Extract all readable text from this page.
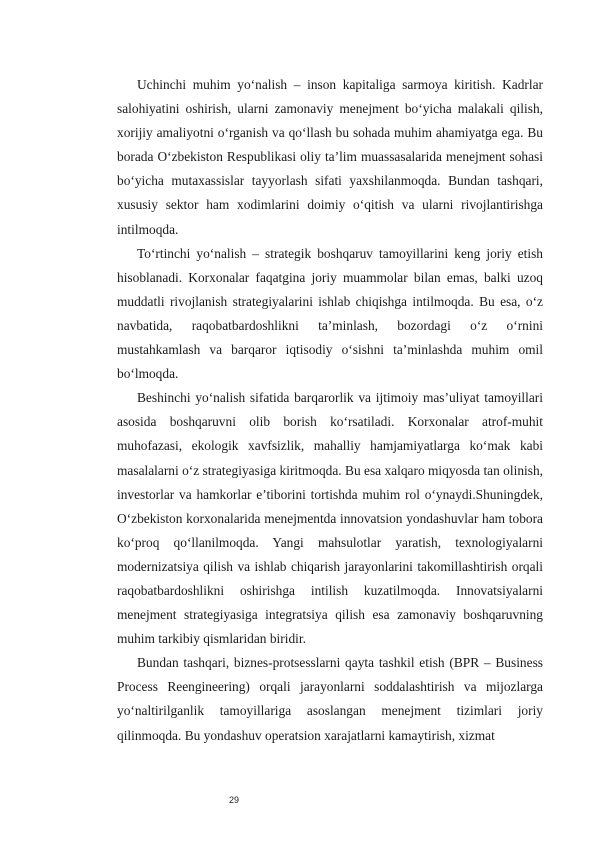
Uchinchi muhim yo‘nalish – inson kapitaliga sarmoya kiritish. Kadrlar salohiyatini oshirish, ularni zamonaviy menejment bo‘yicha malakali qilish, xorijiy amaliyotni o‘rganish va qo‘llash bu sohada muhim ahamiyatga ega. Bu borada O‘zbekiston Respublikasi oliy ta’lim muassasalarida menejment sohasi bo‘yicha mutaxassislar tayyorlash sifati yaxshilanmoqda. Bundan tashqari, xususiy sektor ham xodimlarini doimiy o‘qitish va ularni rivojlantirishga intilmoqda.

To‘rtinchi yo‘nalish – strategik boshqaruv tamoyillarini keng joriy etish hisoblanadi. Korxonalar faqatgina joriy muammolar bilan emas, balki uzoq muddatli rivojlanish strategiyalarini ishlab chiqishga intilmoqda. Bu esa, o‘z navbatida, raqobatbardoshlikni ta’minlash, bozordagi o‘z o‘rnini mustahkamlash va barqaror iqtisodiy o‘sishni ta’minlashda muhim omil bo‘lmoqda.

Beshinchi yo‘nalish sifatida barqarorlik va ijtimoiy mas’uliyat tamoyillari asosida boshqaruvni olib borish ko‘rsatiladi. Korxonalar atrof-muhit muhofazasi, ekologik xavfsizlik, mahalliy hamjamiyatlarga ko‘mak kabi masalalarni o‘z strategiyasiga kiritmoqda. Bu esa xalqaro miqyosda tan olinish, investorlar va hamkorlar e’tiborini tortishda muhim rol o‘ynaydi.Shuningdek, O‘zbekiston korxonalarida menejmentda innovatsion yondashuvlar ham tobora ko‘proq qo‘llanilmoqda. Yangi mahsulotlar yaratish, texnologiyalarni modernizatsiya qilish va ishlab chiqarish jarayonlarini takomillashtirish orqali raqobatbardoshlikni oshirishga intilish kuzatilmoqda. Innovatsiyalarni menejment strategiyasiga integratsiya qilish esa zamonaviy boshqaruvning muhim tarkibiy qismlaridan biridir.

Bundan tashqari, biznes-protsesslarni qayta tashkil etish (BPR – Business Process Reengineering) orqali jarayonlarni soddalashtirish va mijozlarga yo‘naltirilganlik tamoyillariga asoslangan menejment tizimlari joriy qilinmoqda. Bu yondashuv operatsion xarajatlarni kamaytirish, xizmat

29
